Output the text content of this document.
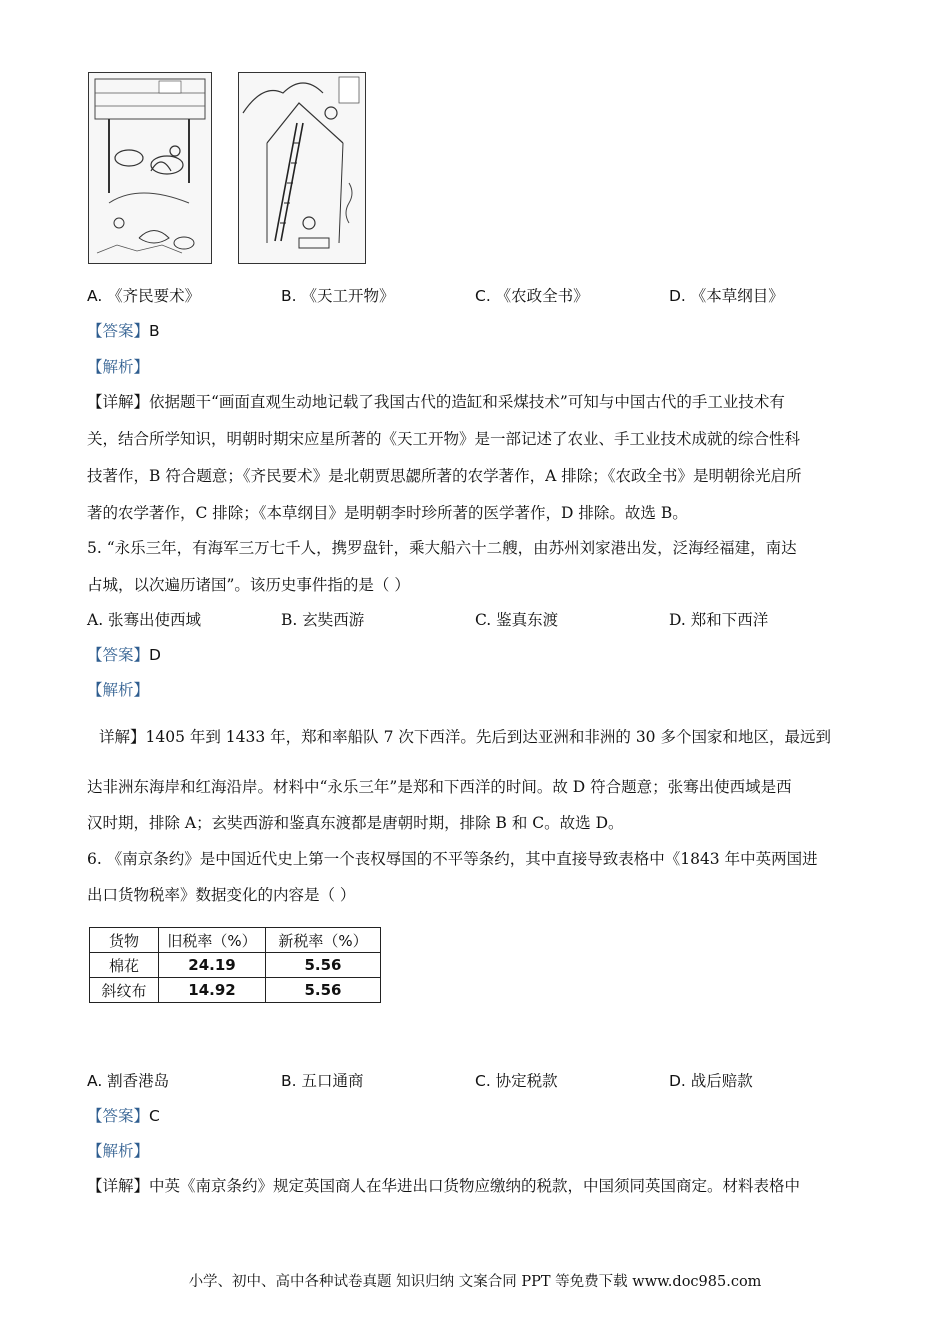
A. 《齐民要术》	B. 《天工开物》	C. 《农政全书》	D. 《本草纲目》
【答案】B
【解析】
【详解】依据题干“画面直观生动地记载了我国古代的造缸和采煤技术”可知与中国古代的手工业技术有
关，结合所学知识，明朝时期宋应星所著的《天工开物》是一部记述了农业、手工业技术成就的综合性科
技著作，B 符合题意；《齐民要术》是北朝贾思勰所著的农学著作，A 排除；《农政全书》是明朝徐光启所
著的农学著作，C 排除；《本草纲目》是明朝李时珍所著的医学著作，D 排除。故选 B。
5. “永乐三年，有海军三万七千人，携罗盘针，乘大船六十二艘，由苏州刘家港出发，泛海经福建，南达
占城，以次遍历诸国”。该历史事件指的是（ ）
A. 张骞出使西域	B. 玄奘西游	C. 鉴真东渡	D. 郑和下西洋
【答案】D
【解析】
详解】1405 年到 1433 年，郑和率船队 7 次下西洋。先后到达亚洲和非洲的 30 多个国家和地区，最远到
达非洲东海岸和红海沿岸。材料中“永乐三年”是郑和下西洋的时间。故 D 符合题意；张骞出使西域是西
汉时期，排除 A；玄奘西游和鉴真东渡都是唐朝时期，排除 B 和 C。故选 D。
6. 《南京条约》是中国近代史上第一个丧权辱国的不平等条约，其中直接导致表格中《1843 年中英两国进
出口货物税率》数据变化的内容是（ ）
货物	旧税率（%）	新税率（%）
棉花	24.19	5.56
斜纹布	14.92	5.56
A. 割香港岛	B. 五口通商	C. 协定税款	D. 战后赔款
【答案】C
【解析】
【详解】中英《南京条约》规定英国商人在华进出口货物应缴纳的税款，中国须同英国商定。材料表格中
小学、初中、高中各种试卷真题 知识归纳 文案合同 PPT 等免费下载 www.doc985.com
